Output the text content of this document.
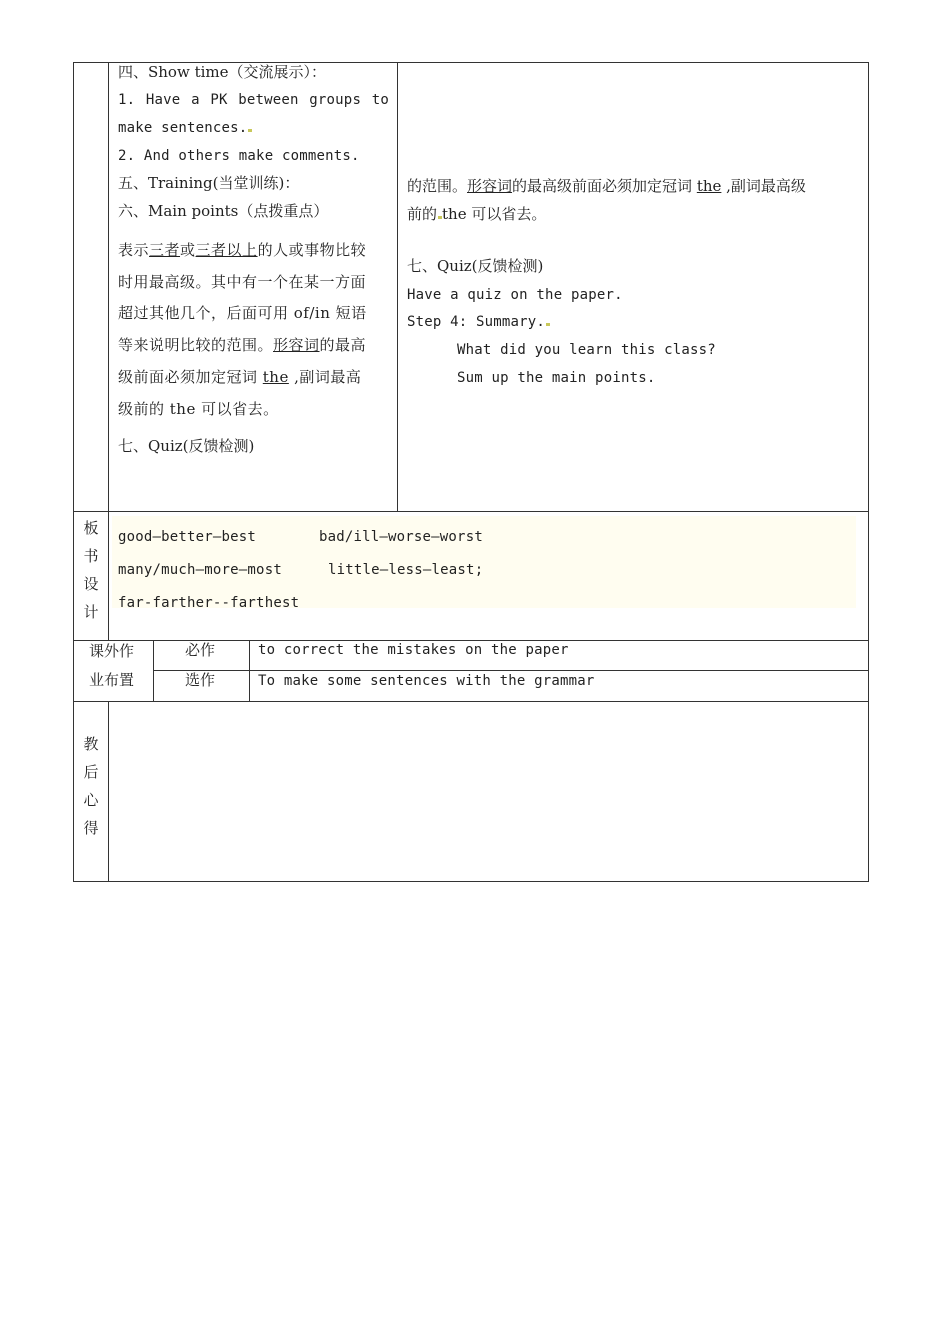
四、Show time（交流展示）：
1. Have a PK between groups to
make sentences.
2. And others make comments.
五、Training(当堂训练)：
六、Main points（点拨重点）
表示三者或三者以上的人或事物比较
时用最高级。其中有一个在某一方面
超过其他几个，后面可用 of/in 短语
等来说明比较的范围。形容词的最高
级前面必须加定冠词 the ,副词最高
级前的 the 可以省去。
七、Quiz(反馈检测)
的范围。形容词的最高级前面必须加定冠词 the ,副词最高级
前的 the 可以省去。
七、Quiz(反馈检测)
Have a quiz on the paper.
Step 4: Summary.
What did you learn this class?
Sum up the main points.
板
书
设
计
good—better—best	bad/ill—worse—worst
many/much—more—most	little—less—least;
far-farther--farthest
课外作
业布置
必作	to correct the mistakes on the paper
选作	To make some sentences with the grammar
教
后
心
得
